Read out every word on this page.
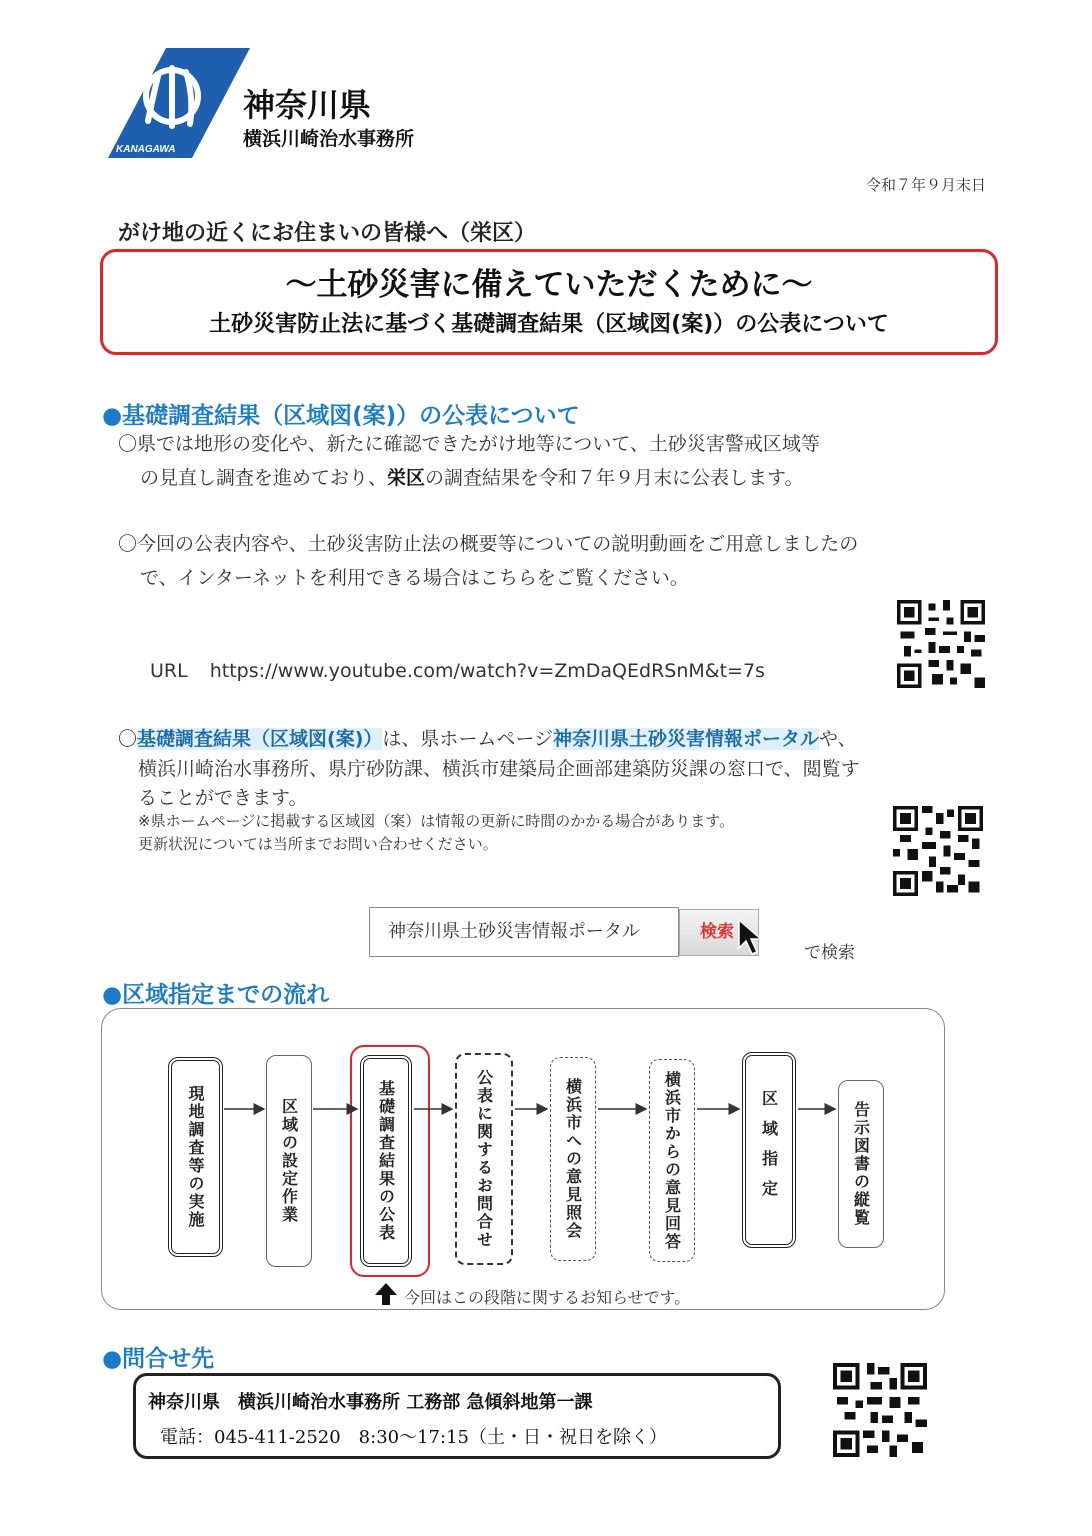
KANAGAWA
神奈川県
横浜川崎治水事務所
令和７年９月末日
がけ地の近くにお住まいの皆様へ（栄区）
〜土砂災害に備えていただくために〜
土砂災害防止法に基づく基礎調査結果（区域図(案)）の公表について
●基礎調査結果（区域図(案)）の公表について
〇県では地形の変化や、新たに確認できたがけ地等について、土砂災害警戒区域等
の見直し調査を進めており、栄区の調査結果を令和７年９月末に公表します。
〇今回の公表内容や、土砂災害防止法の概要等についての説明動画をご用意しましたの
で、インターネットを利用できる場合はこちらをご覧ください。
URL https://www.youtube.com/watch?v=ZmDaQEdRSnM&t=7s
〇基礎調査結果（区域図(案)）は、県ホームページ神奈川県土砂災害情報ポータルや、
横浜川崎治水事務所、県庁砂防課、横浜市建築局企画部建築防災課の窓口で、閲覧す
ることができます。
※県ホームページに掲載する区域図（案）は情報の更新に時間のかかる場合があります。
更新状況については当所までお問い合わせください。
神奈川県土砂災害情報ポータル	検索
で検索
●区域指定までの流れ
現地調査等の実施	区域の設定作業	基礎調査結果の公表	公表に関するお問合せ	横浜市への意見照会	横浜市からの意見回答	区域指定	告示図書の縦覧
今回はこの段階に関するお知らせです。
●問合せ先
神奈川県　横浜川崎治水事務所 工務部 急傾斜地第一課
電話：045-411-2520　8:30〜17:15（土・日・祝日を除く）
